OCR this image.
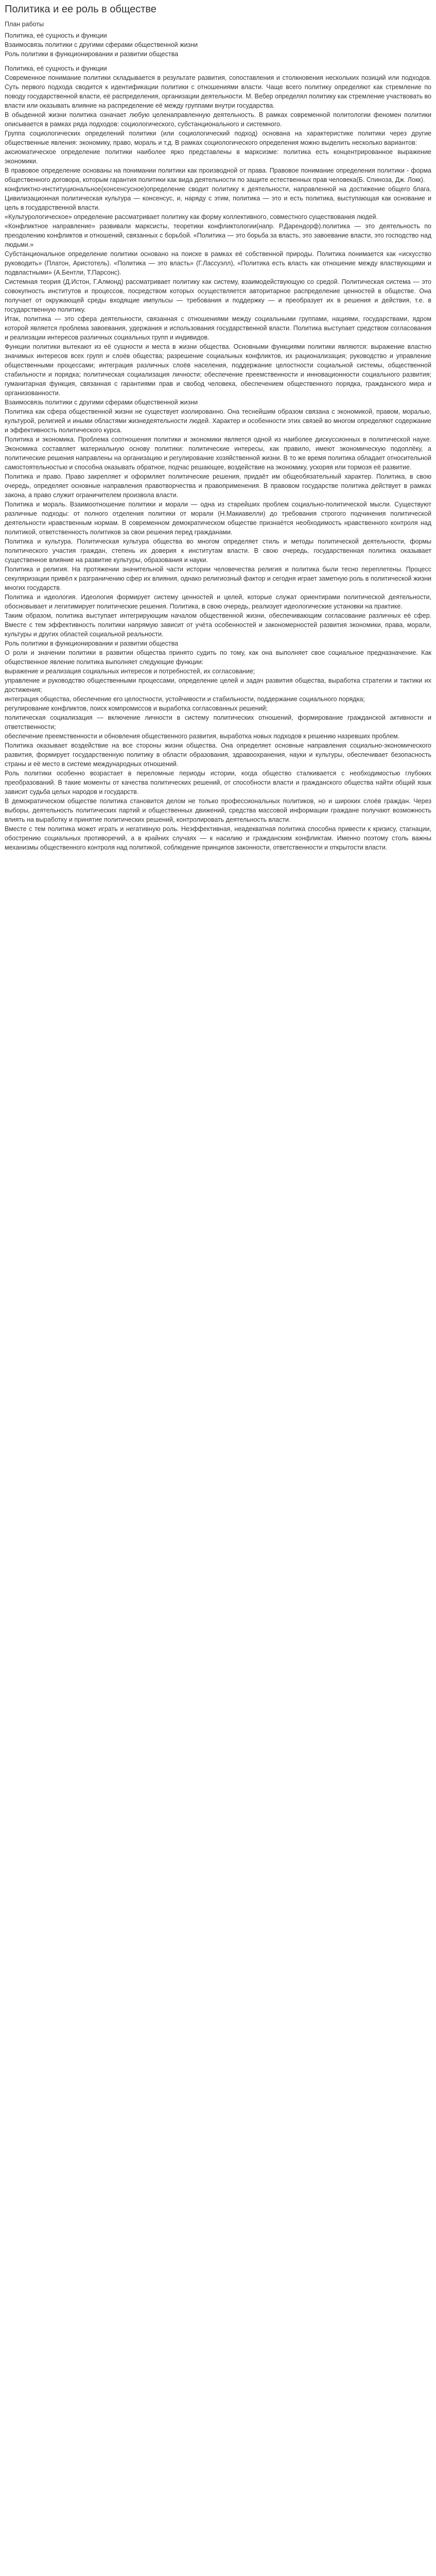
Политика и ее роль в обществе
План работы
Политика, её сущность и функции
Взаимосвязь политики с другими сферами общественной жизни
Роль политики в функционировании и развитии общества

Политика, её сущность и функции

Современное понимание политики складывается в результате развития, сопоставления и столкновения нескольких позиций или подходов. Суть первого подхода сводится к идентификации политики с отношениями власти. Чаще всего политику определяют как стремление по поводу государственной власти, её распределения, организации деятельности. М. Вебер определял политику как стремление участвовать во власти или оказывать влияние на распределение её между группами внутри государства.

В обыденной жизни политика означает любую целенаправленную деятельность. В рамках современной политологии феномен политики описывается в рамках ряда подходов: социологического, субстанционального и системного.

Группа социологических определений политики (или социологический подход) основана на характеристике политики через другие общественные явления: экономику, право, мораль и т.д. В рамках социологического определения можно выделить несколько вариантов:

аксиоматическое определение политики наиболее ярко представлены в марксизме: политика есть концентрированное выражение экономики.

В правовое определение основаны на понимании политики как производной от права. Правовое понимание определения политики - форма общественного договора, которым гарантия политики как вида деятельности по защите естественных прав человека(Б. Спиноза, Дж. Локк).

конфликтно-институциональное(консенсусное)определение сводит политику к деятельности, направленной на достижение общего блага. Цивилизационная политическая культура — консенсус, и, наряду с этим, политика — это и есть политика, выступающая как основание и цель в государственной власти.

«Культурологическое» определение рассматривает политику как форму коллективного, совместного существования людей.

«Конфликтное направление» развивали марксисты, теоретики конфликтологии(напр. Р.Дарендорф).политика — это деятельность по преодолению конфликтов и отношений, связанных с борьбой. «Политика — это борьба за власть, это завоевание власти, это господство над людьми.»

Субстанциональное определение политики основано на поиске в рамках её собственной природы. Политика понимается как «искусство руководить» (Платон, Аристотель). «Политика — это власть» (Г.Лассуэлл), «Политика есть власть как отношение между властвующими и подвластными» (А.Бентли, Т.Парсонс).

Системная теория (Д.Истон, Г.Алмонд) рассматривает политику как систему, взаимодействующую со средой. Политическая система — это совокупность институтов и процессов, посредством которых осуществляется авторитарное распределение ценностей в обществе. Она получает от окружающей среды входящие импульсы — требования и поддержку — и преобразует их в решения и действия, т.е. в государственную политику.

Итак, политика — это сфера деятельности, связанная с отношениями между социальными группами, нациями, государствами, ядром которой является проблема завоевания, удержания и использования государственной власти. Политика выступает средством согласования и реализации интересов различных социальных групп и индивидов.

Функции политики вытекают из её сущности и места в жизни общества. Основными функциями политики являются: выражение властно значимых интересов всех групп и слоёв общества; разрешение социальных конфликтов, их рационализация; руководство и управление общественными процессами; интеграция различных слоёв населения, поддержание целостности социальной системы, общественной стабильности и порядка; политическая социализация личности; обеспечение преемственности и инновационности социального развития; гуманитарная функция, связанная с гарантиями прав и свобод человека, обеспечением общественного порядка, гражданского мира и организованности.

Взаимосвязь политики с другими сферами общественной жизни

Политика как сфера общественной жизни не существует изолированно. Она теснейшим образом связана с экономикой, правом, моралью, культурой, религией и иными областями жизнедеятельности людей. Характер и особенности этих связей во многом определяют содержание и эффективность политического курса.

Политика и экономика. Проблема соотношения политики и экономики является одной из наиболее дискуссионных в политической науке. Экономика составляет материальную основу политики: политические интересы, как правило, имеют экономическую подоплёку, а политические решения направлены на организацию и регулирование хозяйственной жизни. В то же время политика обладает относительной самостоятельностью и способна оказывать обратное, подчас решающее, воздействие на экономику, ускоряя или тормозя её развитие.

Политика и право. Право закрепляет и оформляет политические решения, придаёт им общеобязательный характер. Политика, в свою очередь, определяет основные направления правотворчества и правоприменения. В правовом государстве политика действует в рамках закона, а право служит ограничителем произвола власти.

Политика и мораль. Взаимоотношение политики и морали — одна из старейших проблем социально-политической мысли. Существуют различные подходы: от полного отделения политики от морали (Н.Макиавелли) до требования строгого подчинения политической деятельности нравственным нормам. В современном демократическом обществе признаётся необходимость нравственного контроля над политикой, ответственность политиков за свои решения перед гражданами.

Политика и культура. Политическая культура общества во многом определяет стиль и методы политической деятельности, формы политического участия граждан, степень их доверия к институтам власти. В свою очередь, государственная политика оказывает существенное влияние на развитие культуры, образования и науки.

Политика и религия. На протяжении значительной части истории человечества религия и политика были тесно переплетены. Процесс секуляризации привёл к разграничению сфер их влияния, однако религиозный фактор и сегодня играет заметную роль в политической жизни многих государств.

Политика и идеология. Идеология формирует систему ценностей и целей, которые служат ориентирами политической деятельности, обосновывает и легитимирует политические решения. Политика, в свою очередь, реализует идеологические установки на практике.

Таким образом, политика выступает интегрирующим началом общественной жизни, обеспечивающим согласование различных её сфер. Вместе с тем эффективность политики напрямую зависит от учёта особенностей и закономерностей развития экономики, права, морали, культуры и других областей социальной реальности.

Роль политики в функционировании и развитии общества

О роли и значении политики в развитии общества принято судить по тому, как она выполняет свое социальное предназначение. Как общественное явление политика выполняет следующие функции:

выражение и реализация социальных интересов и потребностей, их согласование;

управление и руководство общественными процессами, определение целей и задач развития общества, выработка стратегии и тактики их достижения;

интеграция общества, обеспечение его целостности, устойчивости и стабильности, поддержание социального порядка;

регулирование конфликтов, поиск компромиссов и выработка согласованных решений;

политическая социализация — включение личности в систему политических отношений, формирование гражданской активности и ответственности;

обеспечение преемственности и обновления общественного развития, выработка новых подходов к решению назревших проблем.

Политика оказывает воздействие на все стороны жизни общества. Она определяет основные направления социально-экономического развития, формирует государственную политику в области образования, здравоохранения, науки и культуры, обеспечивает безопасность страны и её место в системе международных отношений.

Роль политики особенно возрастает в переломные периоды истории, когда общество сталкивается с необходимостью глубоких преобразований. В такие моменты от качества политических решений, от способности власти и гражданского общества найти общий язык зависит судьба целых народов и государств.

В демократическом обществе политика становится делом не только профессиональных политиков, но и широких слоёв граждан. Через выборы, деятельность политических партий и общественных движений, средства массовой информации граждане получают возможность влиять на выработку и принятие политических решений, контролировать деятельность власти.

Вместе с тем политика может играть и негативную роль. Неэффективная, неадекватная политика способна привести к кризису, стагнации, обострению социальных противоречий, а в крайних случаях — к насилию и гражданским конфликтам. Именно поэтому столь важны механизмы общественного контроля над политикой, соблюдение принципов законности, ответственности и открытости власти.
